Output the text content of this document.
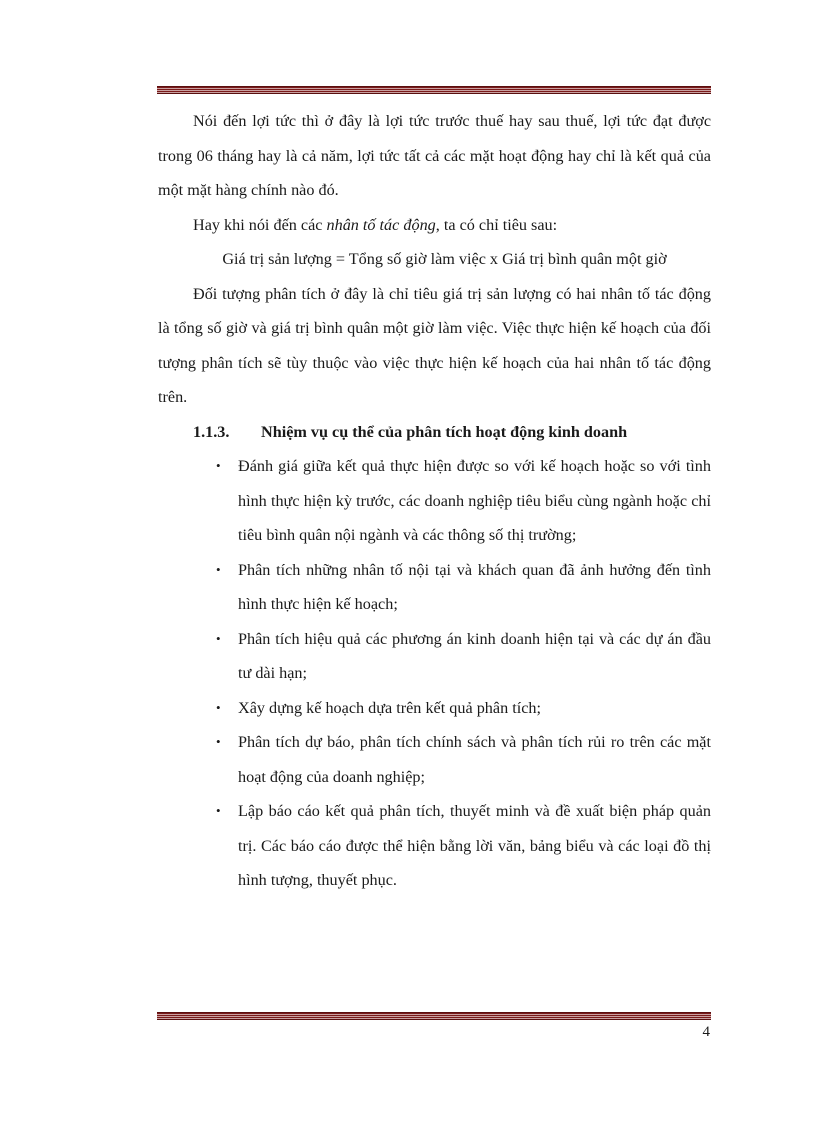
Nói đến lợi tức thì ở đây là lợi tức trước thuế hay sau thuế, lợi tức đạt được trong 06 tháng hay là cả năm, lợi tức tất cả các mặt hoạt động hay chỉ là kết quả của một mặt hàng chính nào đó.

Hay khi nói đến các nhân tố tác động, ta có chỉ tiêu sau:

Giá trị sản lượng = Tổng số giờ làm việc x Giá trị bình quân một giờ

Đối tượng phân tích ở đây là chỉ tiêu giá trị sản lượng có hai nhân tố tác động là tổng số giờ và giá trị bình quân một giờ làm việc. Việc thực hiện kế hoạch của đối tượng phân tích sẽ tùy thuộc vào việc thực hiện kế hoạch của hai nhân tố tác động trên.

1.1.3. Nhiệm vụ cụ thể của phân tích hoạt động kinh doanh
• Đánh giá giữa kết quả thực hiện được so với kế hoạch hoặc so với tình hình thực hiện kỳ trước, các doanh nghiệp tiêu biểu cùng ngành hoặc chỉ tiêu bình quân nội ngành và các thông số thị trường;
• Phân tích những nhân tố nội tại và khách quan đã ảnh hưởng đến tình hình thực hiện kế hoạch;
• Phân tích hiệu quả các phương án kinh doanh hiện tại và các dự án đầu tư dài hạn;
• Xây dựng kế hoạch dựa trên kết quả phân tích;
• Phân tích dự báo, phân tích chính sách và phân tích rủi ro trên các mặt hoạt động của doanh nghiệp;
• Lập báo cáo kết quả phân tích, thuyết minh và đề xuất biện pháp quản trị. Các báo cáo được thể hiện bằng lời văn, bảng biểu và các loại đồ thị hình tượng, thuyết phục.
4
